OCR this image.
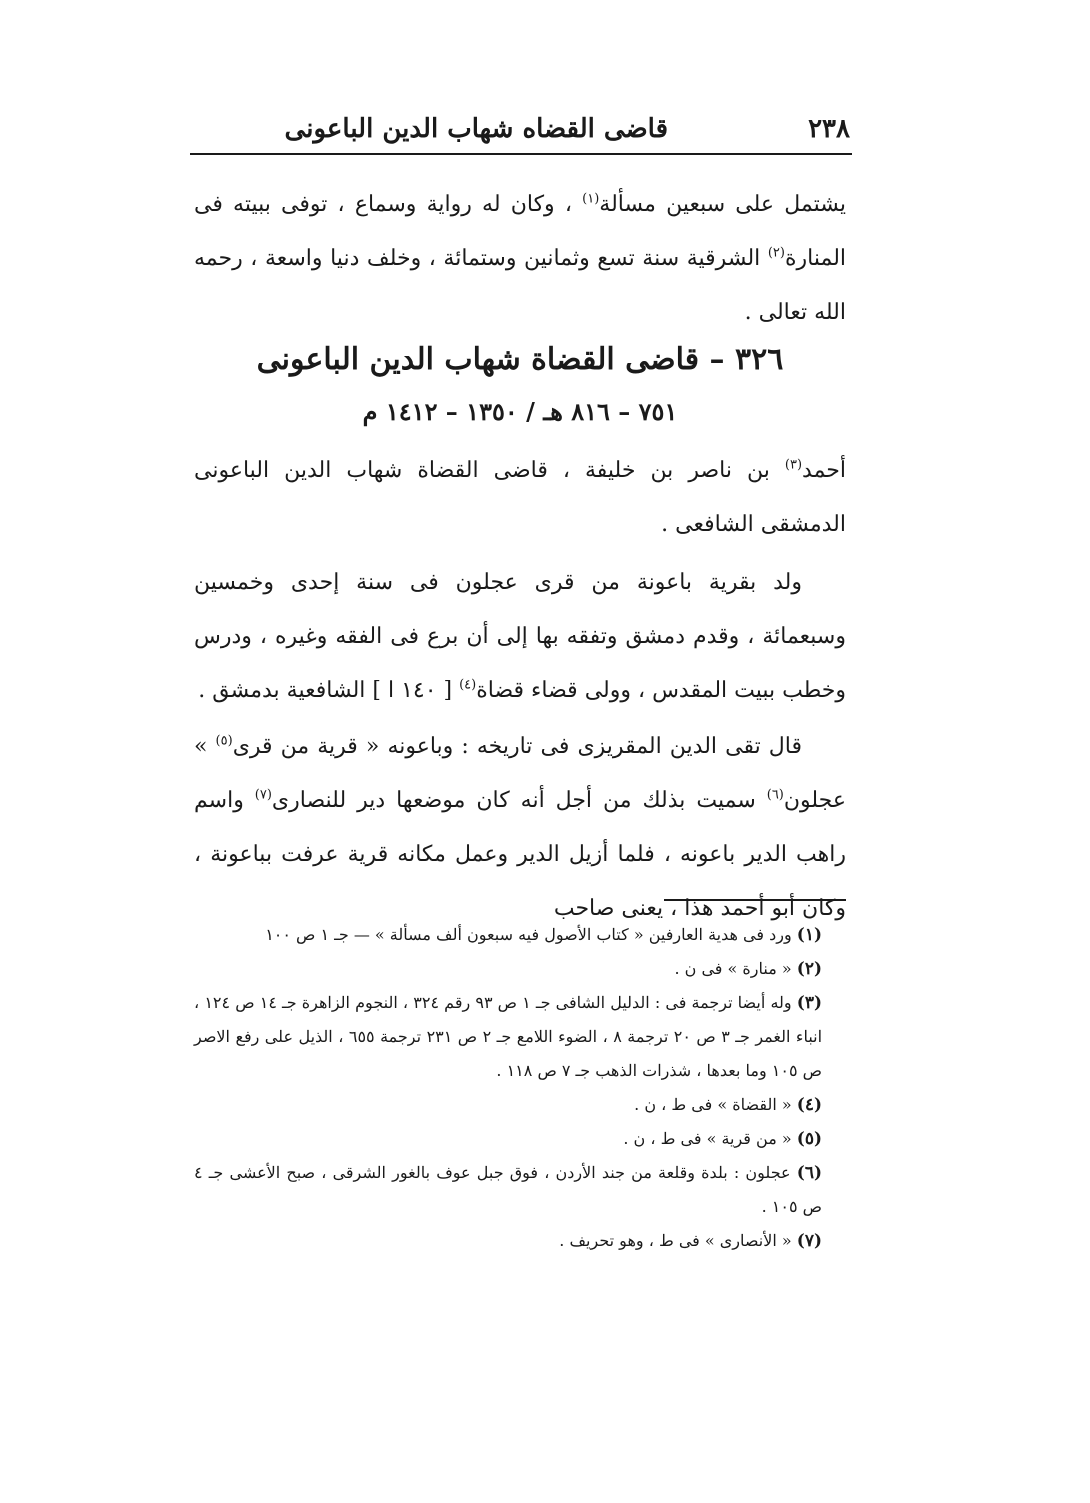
٢٣٨
قاضى القضاه شهاب الدين الباعونى

يشتمل على سبعين مسألة$^{(١)}$ ، وكان له رواية وسماع ، توفى ببيته فى المنارة$^{(٢)}$ الشرقية سنة تسع وثمانين وستمائة ، وخلف دنيا واسعة ، رحمه الله تعالى .

٣٢٦ – قاضى القضاة شهاب الدين الباعونى
٧٥١ – ٨١٦ هـ / ١٣٥٠ – ١٤١٢ م

أحمد$^{(٣)}$ بن ناصر بن خليفة ، قاضى القضاة شهاب الدين الباعونى الدمشقى الشافعى .

ولد بقرية باعونة من قرى عجلون فى سنة إحدى وخمسين وسبعمائة ، وقدم دمشق وتفقه بها إلى أن برع فى الفقه وغيره ، ودرس وخطب ببيت المقدس ، وولى قضاء قضاة$^{(٤)}$ [ ١٤٠ ا ] الشافعية بدمشق .

قال تقى الدين المقريزى فى تاريخه : وباعونه « قرية من قرى$^{(٥)}$ » عجلون$^{(٦)}$ سميت بذلك من أجل أنه كان موضعها دير للنصارى$^{(٧)}$ واسم راهب الدير باعونه ، فلما أزيل الدير وعمل مكانه قرية عرفت بباعونة ، وكان أبو أحمد هذا ، يعنى صاحب

(١) ورد فى هدية العارفين « كتاب الأصول فيه سبعون ألف مسألة » — جـ ١ ص ١٠٠

(٢) « منارة » فى ن .

(٣) وله أيضا ترجمة فى : الدليل الشافى جـ ١ ص ٩٣ رقم ٣٢٤ ، النجوم الزاهرة جـ ١٤ ص ١٢٤ ، انباء الغمر جـ ٣ ص ٢٠ ترجمة ٨ ، الضوء اللامع جـ ٢ ص ٢٣١ ترجمة ٦٥٥ ، الذيل على رفع الاصر ص ١٠٥ وما بعدها ، شذرات الذهب جـ ٧ ص ١١٨ .

(٤) « القضاة » فى ط ، ن .

(٥) « من قرية » فى ط ، ن .

(٦) عجلون : بلدة وقلعة من جند الأردن ، فوق جبل عوف بالغور الشرقى ، صبح الأعشى جـ ٤ ص ١٠٥ .

(٧) « الأنصارى » فى ط ، وهو تحريف .
